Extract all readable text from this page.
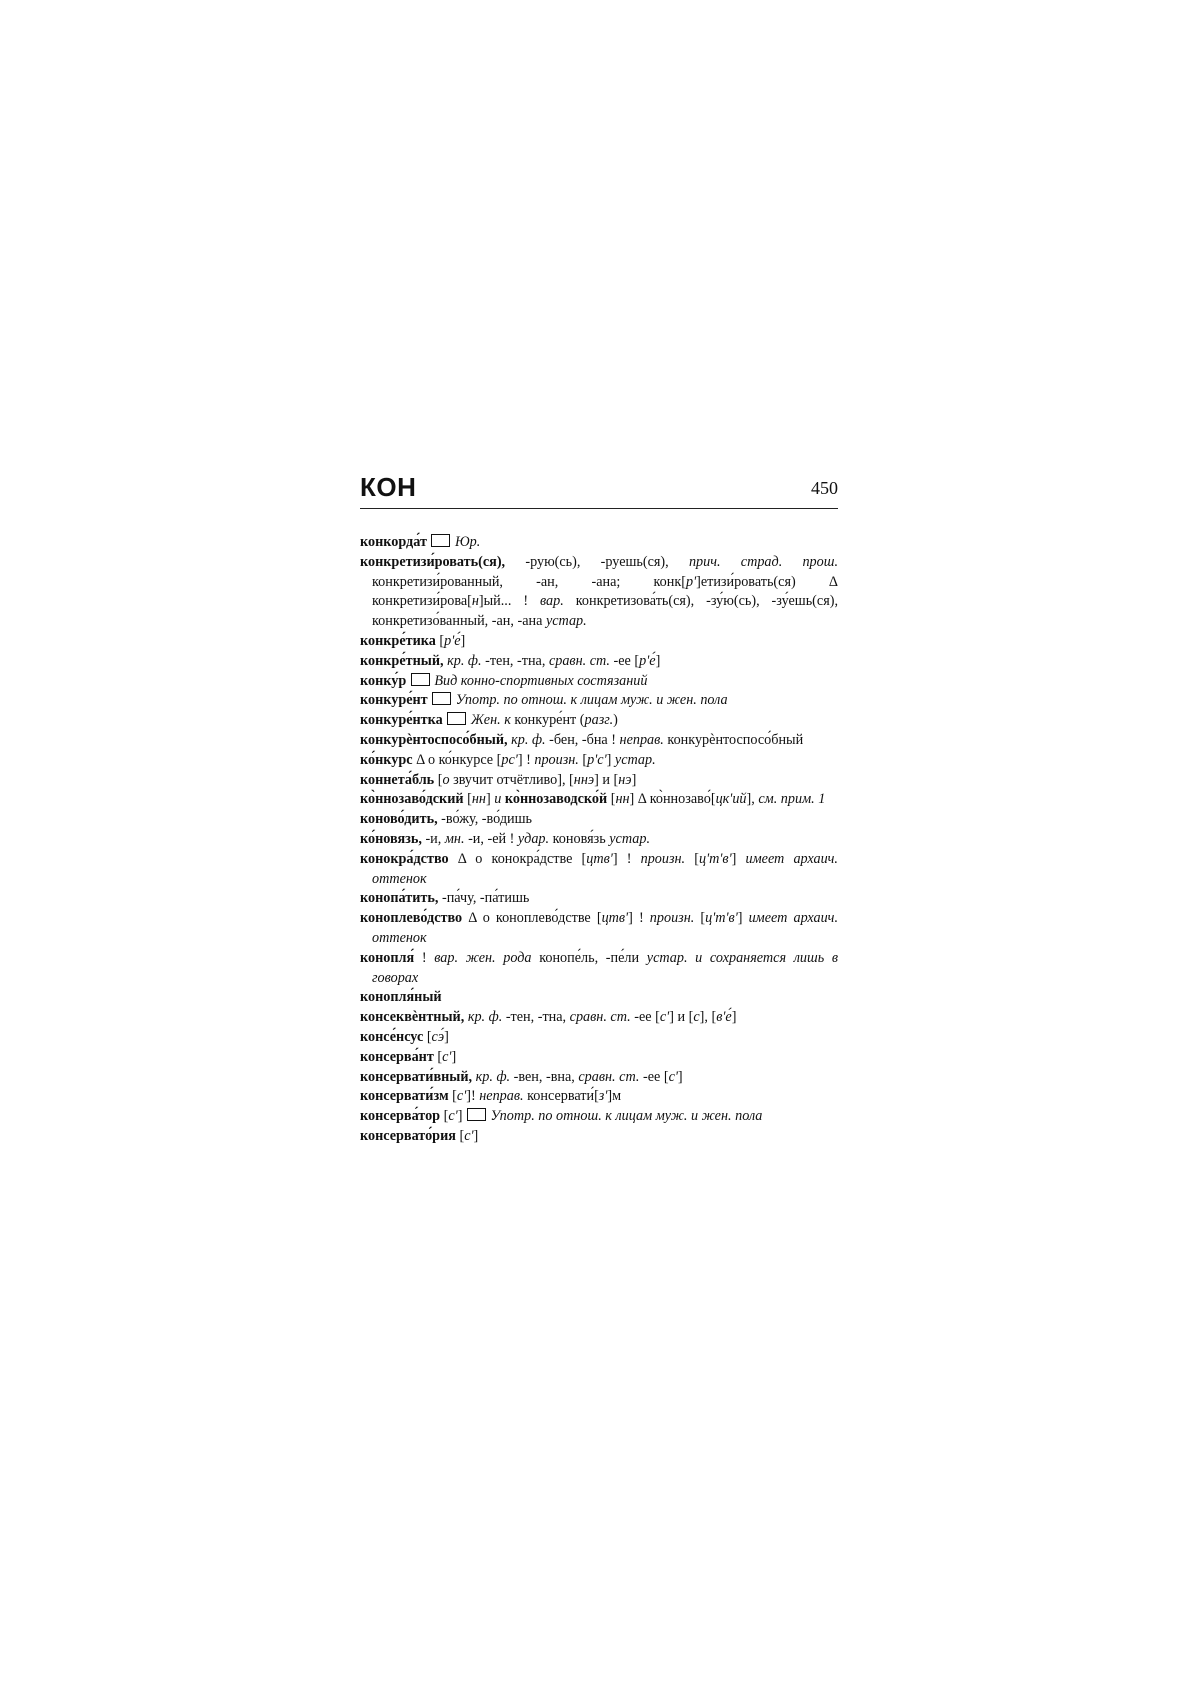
КОН	450
конкорда́т Юр.
конкретизи́ровать(ся), -рую(сь), -руешь(ся), прич. страд. прош. конкретизи́рованный, -ан, -ана; конк[р']етизи́ровать(ся) Δ конкретизи́рова[н]ый... ! вар. конкретизова́ть(ся), -зу́ю(сь), -зу́ешь(ся), конкретизо́ванный, -ан, -ана устар.
конкре́тика [р'е́]
конкре́тный, кр. ф. -тен, -тна, сравн. ст. -ее [р'е́]
конку́р Вид конно-спортивных состязаний
конкуре́нт Употр. по отнош. к лицам муж. и жен. пола
конкуре́нтка Жен. к конкуре́нт (разг.)
конкурѐнтоспосо́бный, кр. ф. -бен, -бна ! неправ. конкурѐнтоспосо́бный
ко́нкурс Δ о ко́нкурсе [рс'] ! произн. [р'с'] устар.
коннета́бль [о звучит отчётливо], [ннэ] и [нэ]
ко̀ннозаво́дский [нн] и ко̀ннозаводско́й [нн] Δ ко̀ннозаво́[цк'ий], см. прим. 1
коново́дить, -во́жу, -во́дишь
ко́новязь, -и, мн. -и, -ей ! удар. коновя́зь устар.
конокра́дство Δ о конокра́дстве [цтв'] ! произн. [ц'т'в'] имеет архаич. оттенок
конопа́тить, -па́чу, -па́тишь
коноплево́дство Δ о коноплево́дстве [цтв'] ! произн. [ц'т'в'] имеет архаич. оттенок
конопля́ ! вар. жен. рода конопе́ль, -пе́ли устар. и сохраняется лишь в говорах
конопля́ный
консеквѐнтный, кр. ф. -тен, -тна, сравн. ст. -ее [с'] и [с], [в'е́]
консе́нсус [сэ́]
консерва́нт [с']
консервати́вный, кр. ф. -вен, -вна, сравн. ст. -ее [с']
консервати́зм [с']! неправ. консервати́[з']м
консерва́тор [с']  Употр. по отнош. к лицам муж. и жен. пола
консервато́рия [с']
